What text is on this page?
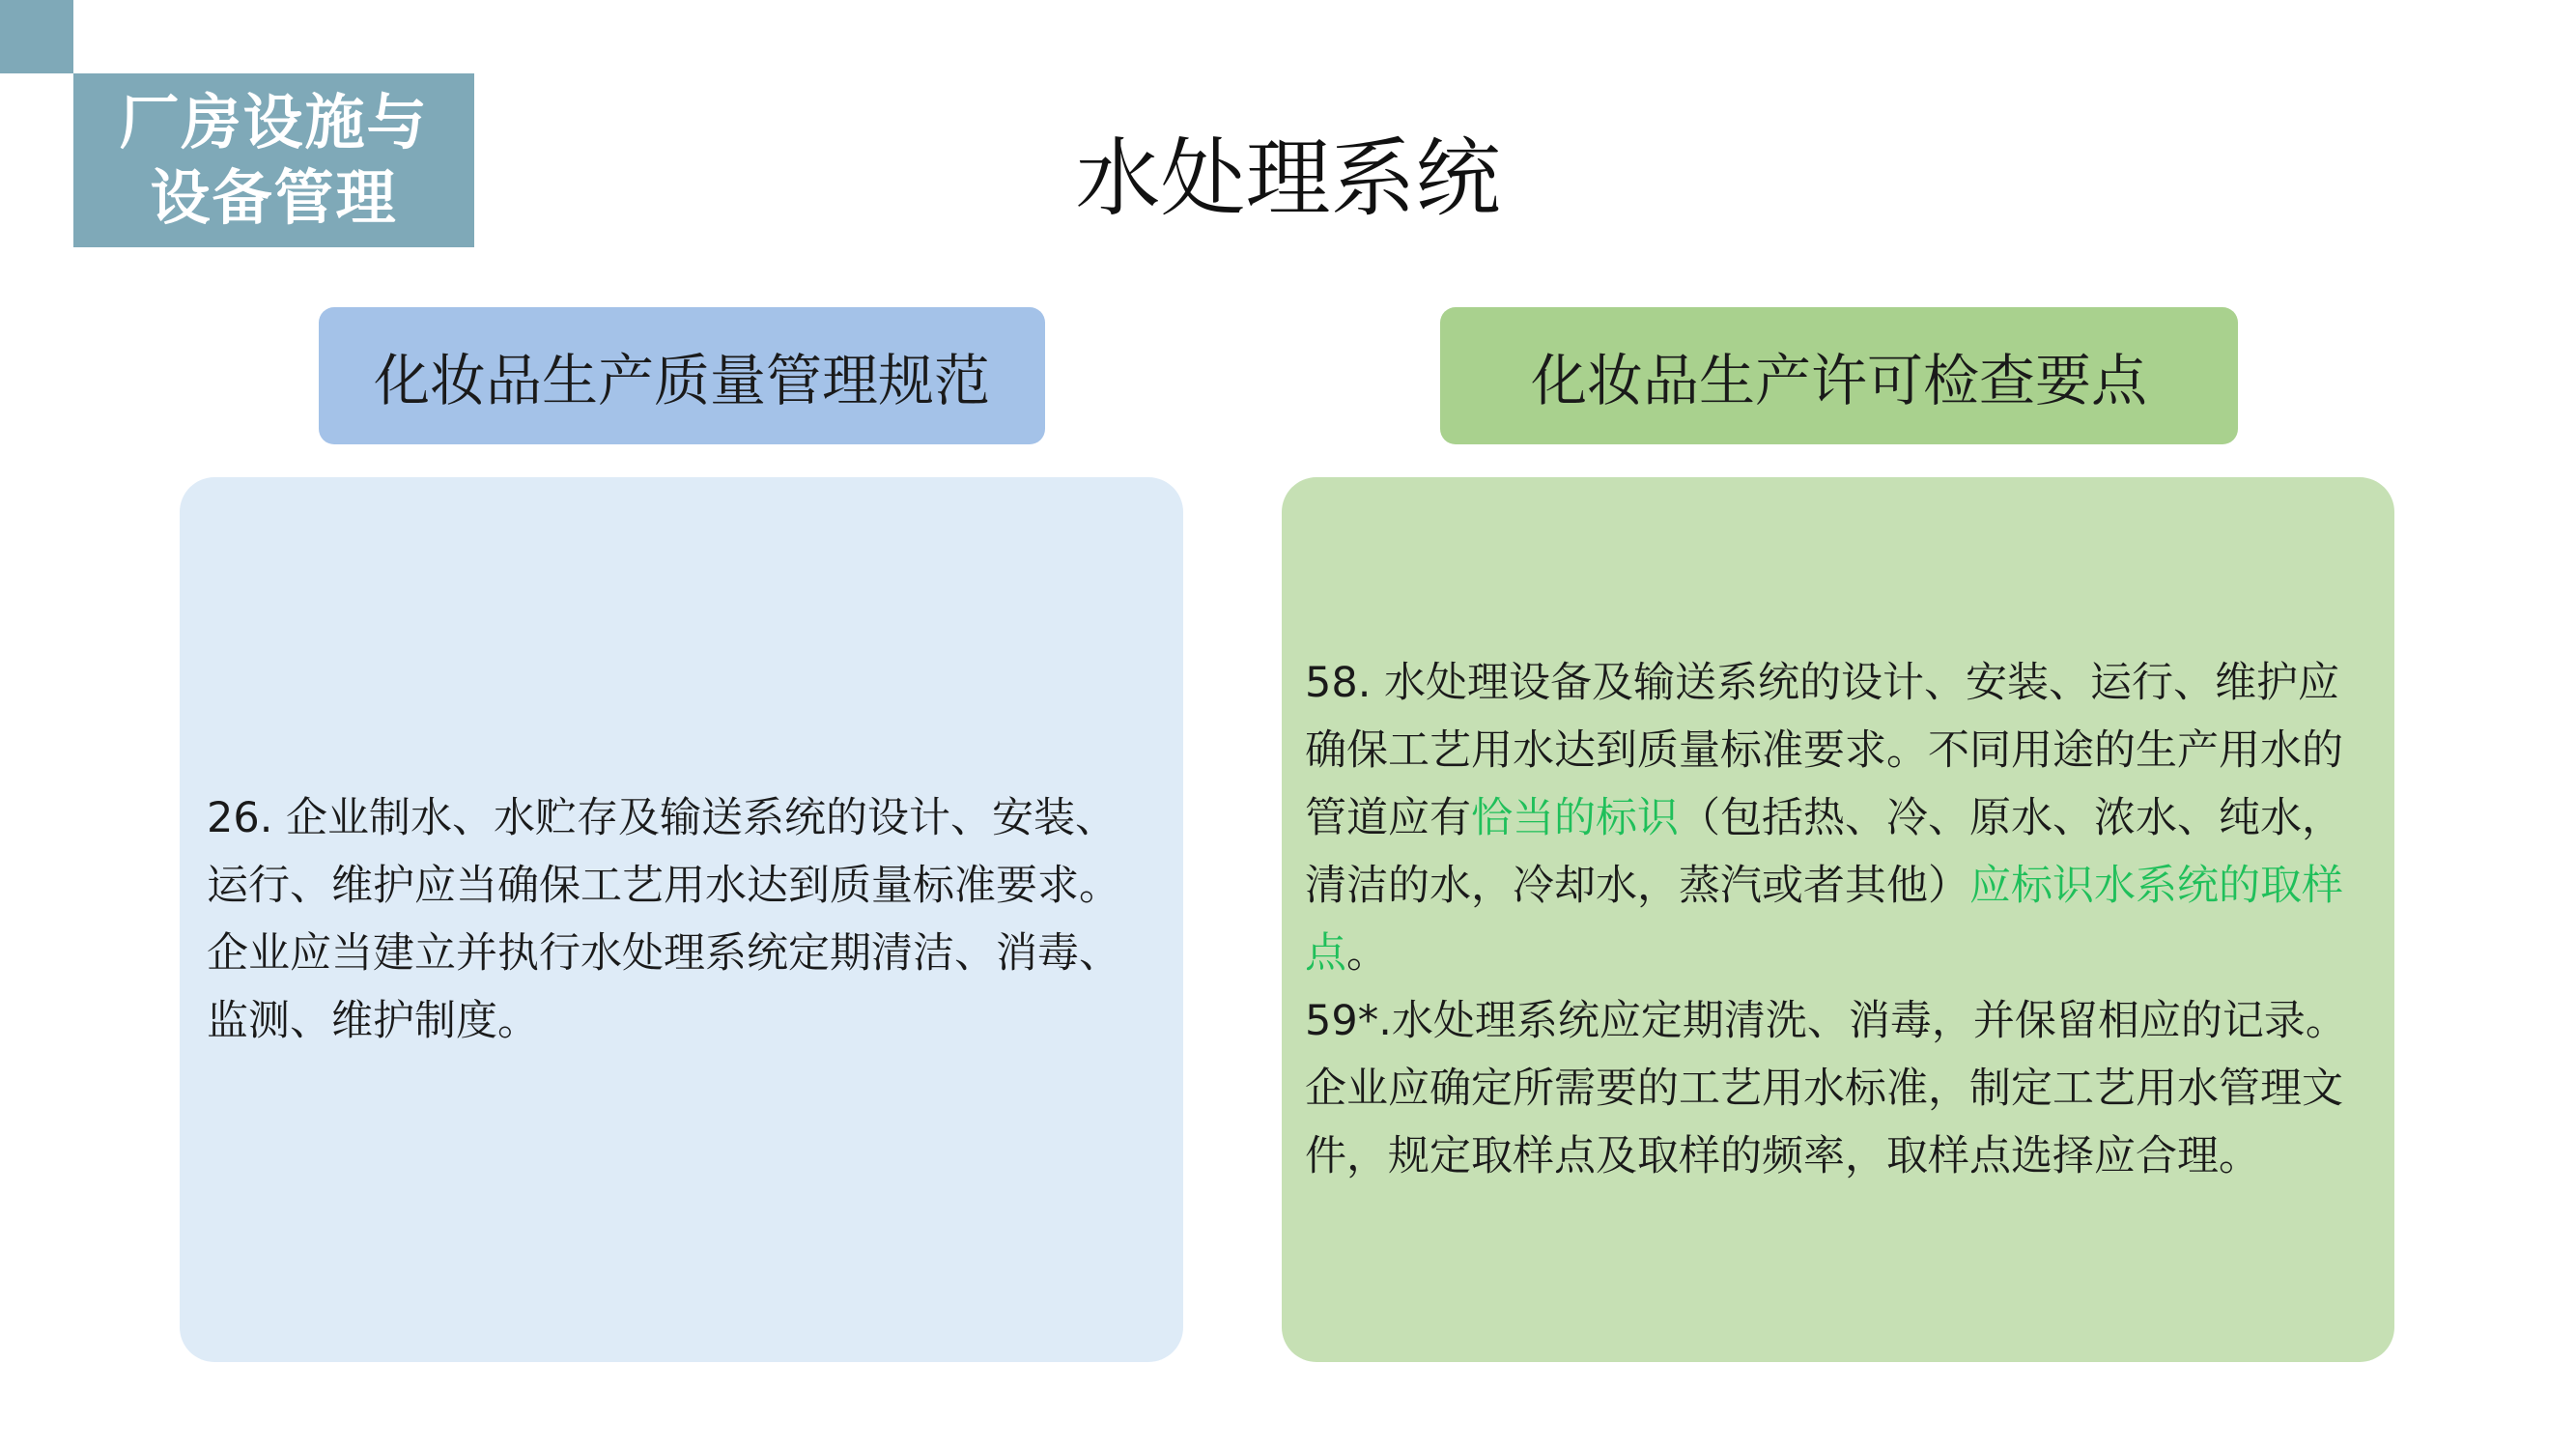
厂房设施与
设备管理	水处理系统
化妆品生产质量管理规范	化妆品生产许可检查要点

26. 企业制水、水贮存及输送系统的设计、安装、运行、维护应当确保工艺用水达到质量标准要求。企业应当建立并执行水处理系统定期清洁、消毒、监测、维护制度。

58. 水处理设备及输送系统的设计、安装、运行、维护应确保工艺用水达到质量标准要求。不同用途的生产用水的管道应有恰当的标识（包括热、冷、原水、浓水、纯水，清洁的水，冷却水，蒸汽或者其他）应标识水系统的取样点。

59*.水处理系统应定期清洗、消毒，并保留相应的记录。企业应确定所需要的工艺用水标准，制定工艺用水管理文件，规定取样点及取样的频率，取样点选择应合理。
